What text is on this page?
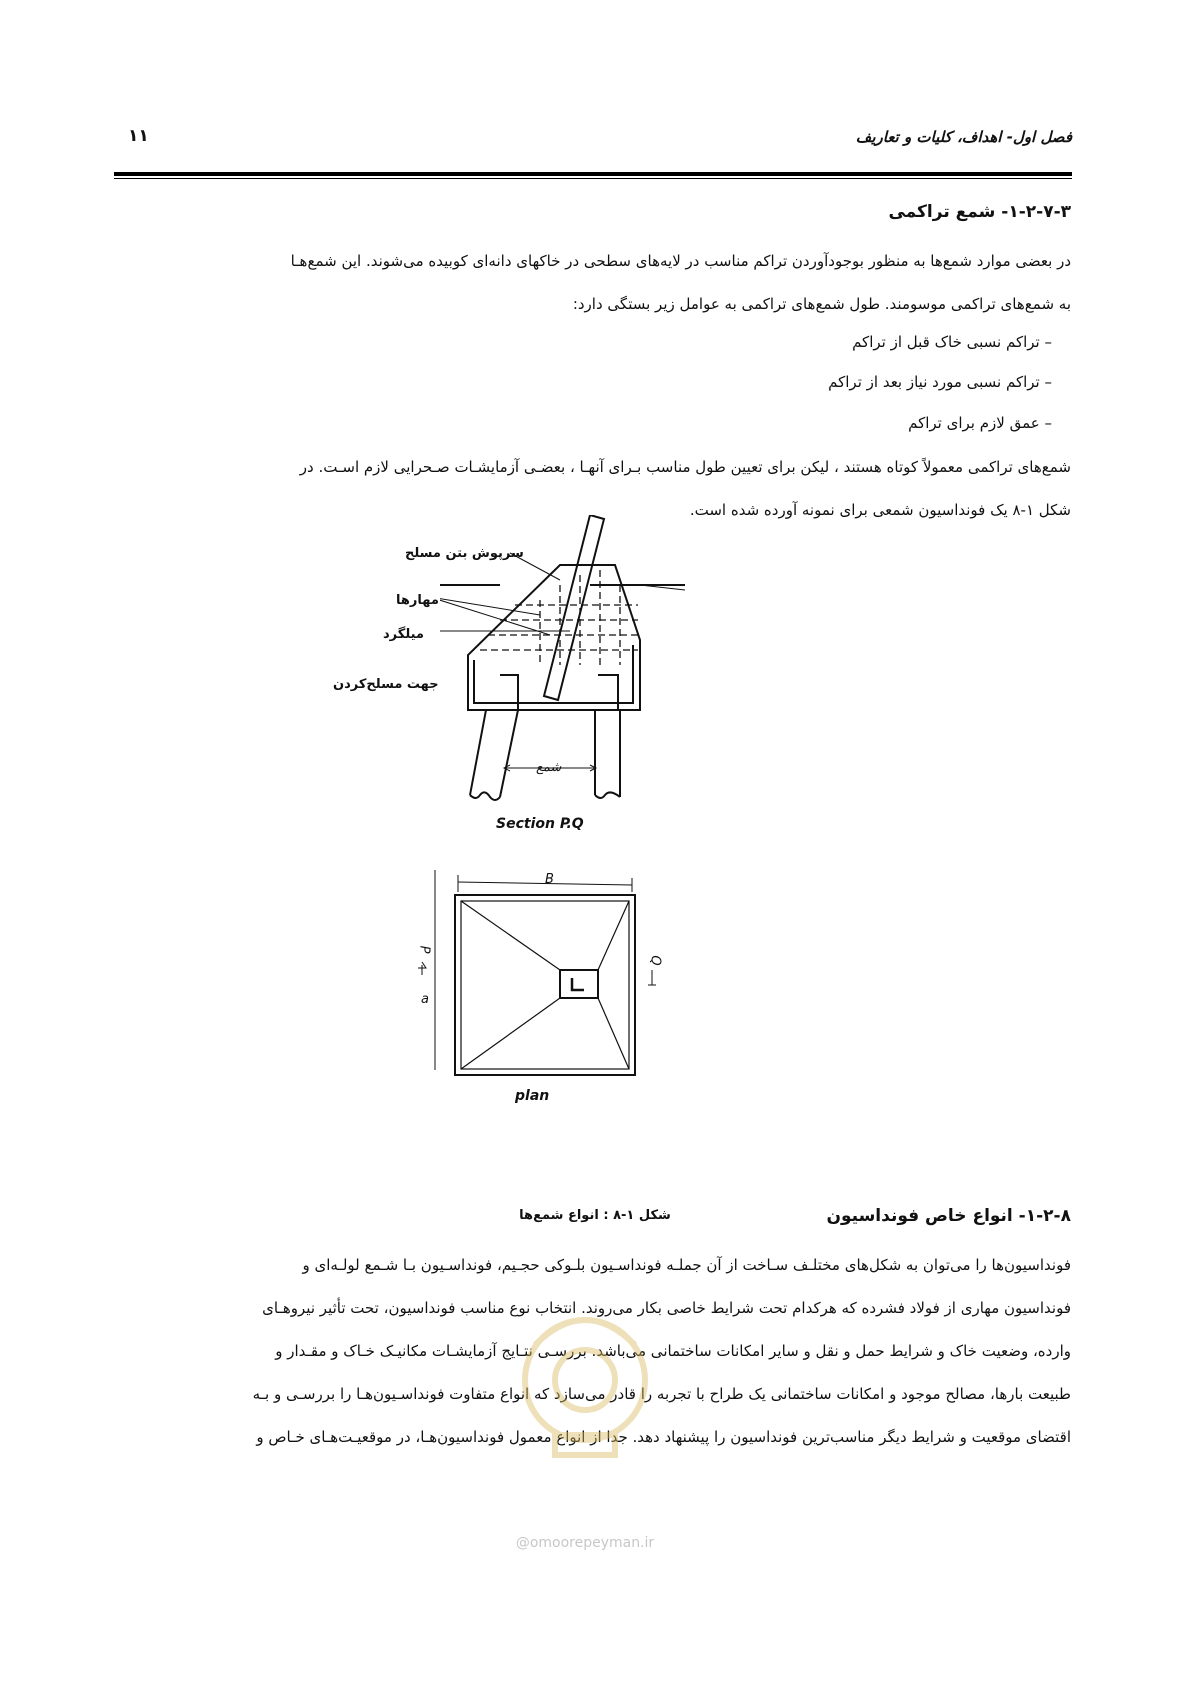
فصل اول- اهداف، کلیات و تعاریف
۱۱
۱-۲-۷-۳- شمع تراکمی
در بعضی موارد شمع‌ها به منظور بوجودآوردن تراکم مناسب در لایه‌های سطحی در خاکهای دانه‌ای کوبیده می‌شوند. این شمع‌هـا
به شمع‌های تراکمی موسومند. طول شمع‌های تراکمی به عوامل زیر بستگی دارد:
– تراکم نسبی خاک قبل از تراکم
– تراکم نسبی مورد نیاز بعد از تراکم
– عمق لازم برای تراکم
شمع‌های تراکمی معمولاً کوتاه هستند ، لیکن برای تعیین طول مناسب بـرای آنهـا ، بعضـی آزمایشـات صـحرایی لازم اسـت. در
شکل ۱-۸ یک فونداسیون شمعی برای نمونه آورده شده است.
سرپوش بتن مسلح
مهارها
میلگرد
جهت مسلح‌کردن
شمع
Section P.Q
B
P
Q
a
plan
شکل ۱-۸ : انواع شمع‌ها	۱-۲-۸- انواع خاص فونداسیون
فونداسیون‌ها را می‌توان به شکل‌های مختلـف سـاخت از آن جملـه فونداسـیون بلـوکی حجـیم، فونداسـیون بـا شـمع لولـه‌ای و
فونداسیون مهاری از فولاد فشرده که هرکدام تحت شرایط خاصی بکار می‌روند. انتخاب نوع مناسب فونداسیون، تحت تأثیر نیروهـای
وارده، وضعیت خاک و شرایط حمل و نقل و سایر امکانات ساختمانی می‌باشد. بررسـی نتـایج آزمایشـات مکانیـک خـاک و مقـدار و
طبیعت بارها، مصالح موجود و امکانات ساختمانی یک طراح با تجربه را قادر می‌سازد که انواع متفاوت فونداسـیون‌هـا را بررسـی و بـه
اقتضای موقعیت و شرایط دیگر مناسب‌ترین فونداسیون را پیشنهاد دهد. جدا از انواع معمول فونداسیون‌هـا، در موقعیـت‌هـای خـاص و
@omoorepeyman.ir
